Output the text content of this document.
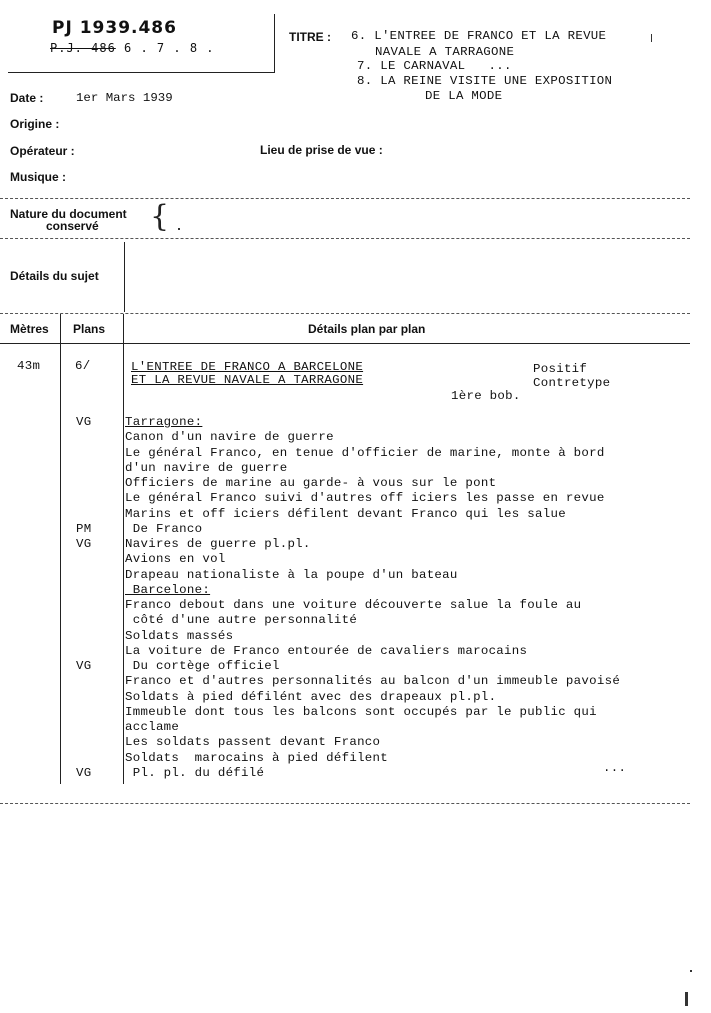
PJ 1939.486
P.J. 486 6 . 7 . 8 .
TITRE : 6. L'ENTREE DE FRANCO ET LA REVUE
NAVALE A TARRAGONE
7. LE CARNAVAL   ...
8. LA REINE VISITE UNE EXPOSITION
DE LA MODE
Date :	1er Mars 1939
Origine :
Opérateur :	Lieu de prise de vue :
Musique :
Nature du document
conservé {
Détails du sujet
Mètres Plans	Détails plan par plan
43m	6/	L'ENTREE DE FRANCO A BARCELONE
ET LA REVUE NAVALE A TARRAGONE
Positif
Contretype
1ère bob.
VG	Tarragone:
Canon d'un navire de guerre
Le général Franco, en tenue d'officier de marine, monte à bord
d'un navire de guerre
Officiers de marine au garde- à vous sur le pont
Le général Franco suivi d'autres off iciers les passe en revue
Marins et off iciers défilent devant Franco qui les salue
PM	De Franco
VG	Navires de guerre pl.pl.
Avions en vol
Drapeau nationaliste à la poupe d'un bateau
Barcelone:
Franco debout dans une voiture découverte salue la foule au
côté d'une autre personnalité
Soldats massés
La voiture de Franco entourée de cavaliers marocains
VG	Du cortège officiel
Franco et d'autres personnalités au balcon d'un immeuble pavoisé
Soldats à pied défilént avec des drapeaux pl.pl.
Immeuble dont tous les balcons sont occupés par le public qui
acclame
Les soldats passent devant Franco
Soldats  marocains à pied défilent
VG	Pl. pl. du défilé	...
